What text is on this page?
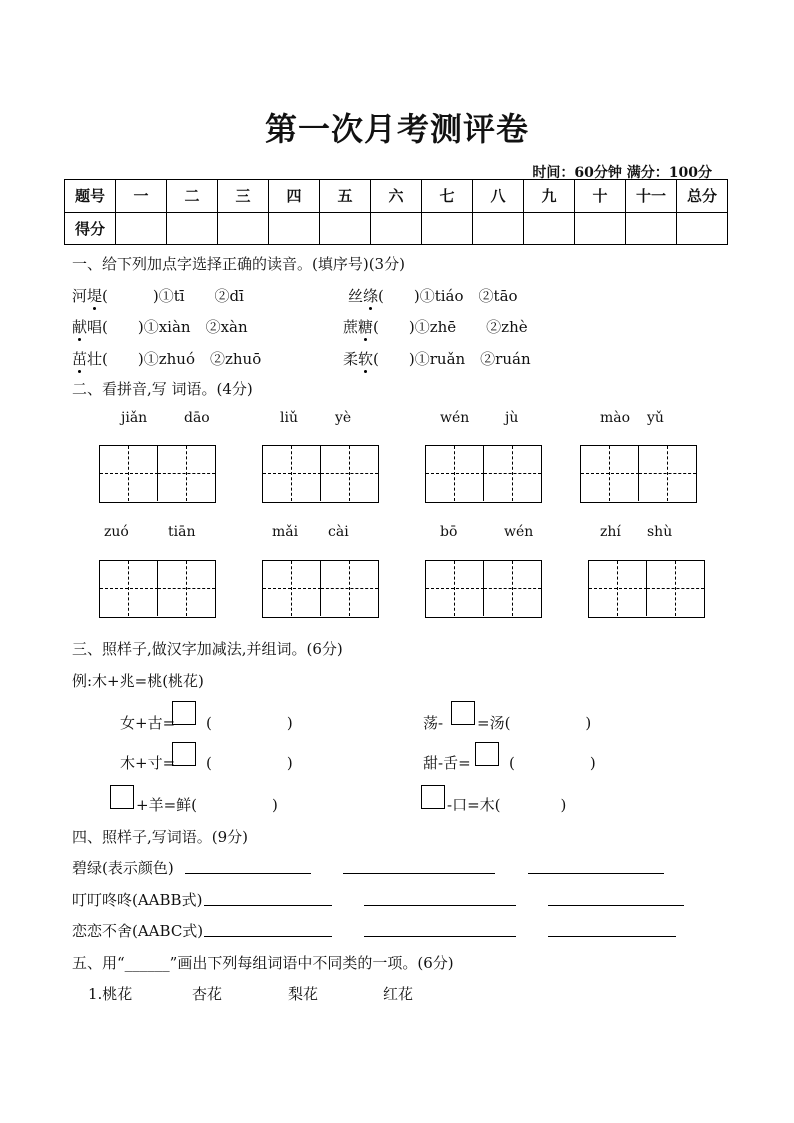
第一次月考测评卷
时间：60分钟 满分：100分
题号	一	二	三	四	五	六	七	八	九	十	十一	总分
得分												
一、给下列加点字选择正确的读音。(填序号)(3分)
河堤(　　　)①tī　　②dī	丝绦(　　)①tiáo　②tāo
献唱(　　)①xiàn　②xàn	蔗糖(　　)①zhē　　②zhè
茁壮(　　)①zhuó　②zhuō	柔软(　　)①ruǎn　②ruán
二、看拼音,写 词语。(4分)
jiǎn	dāo	liǔ	yè	wén	jù	mào yǔ
zuó	tiān	mǎi cài	bō	wén	zhí shù
三、照样子,做汉字加减法,并组词。(6分)
例:木+兆=桃(桃花)
女+古= (　　　　　)	荡- =汤(　　　　　)
木+寸= (　　　　　)	甜-舌=	(　　　　　)
+羊=鲜(　　　　　)	-口=木(　　　　)
四、照样子,写词语。(9分)
碧绿(表示颜色)
叮叮咚咚(AABB式)
恋恋不舍(AABC式)
五、用“______”画出下列每组词语中不同类的一项。(6分)
1.桃花	杏花	梨花	红花
